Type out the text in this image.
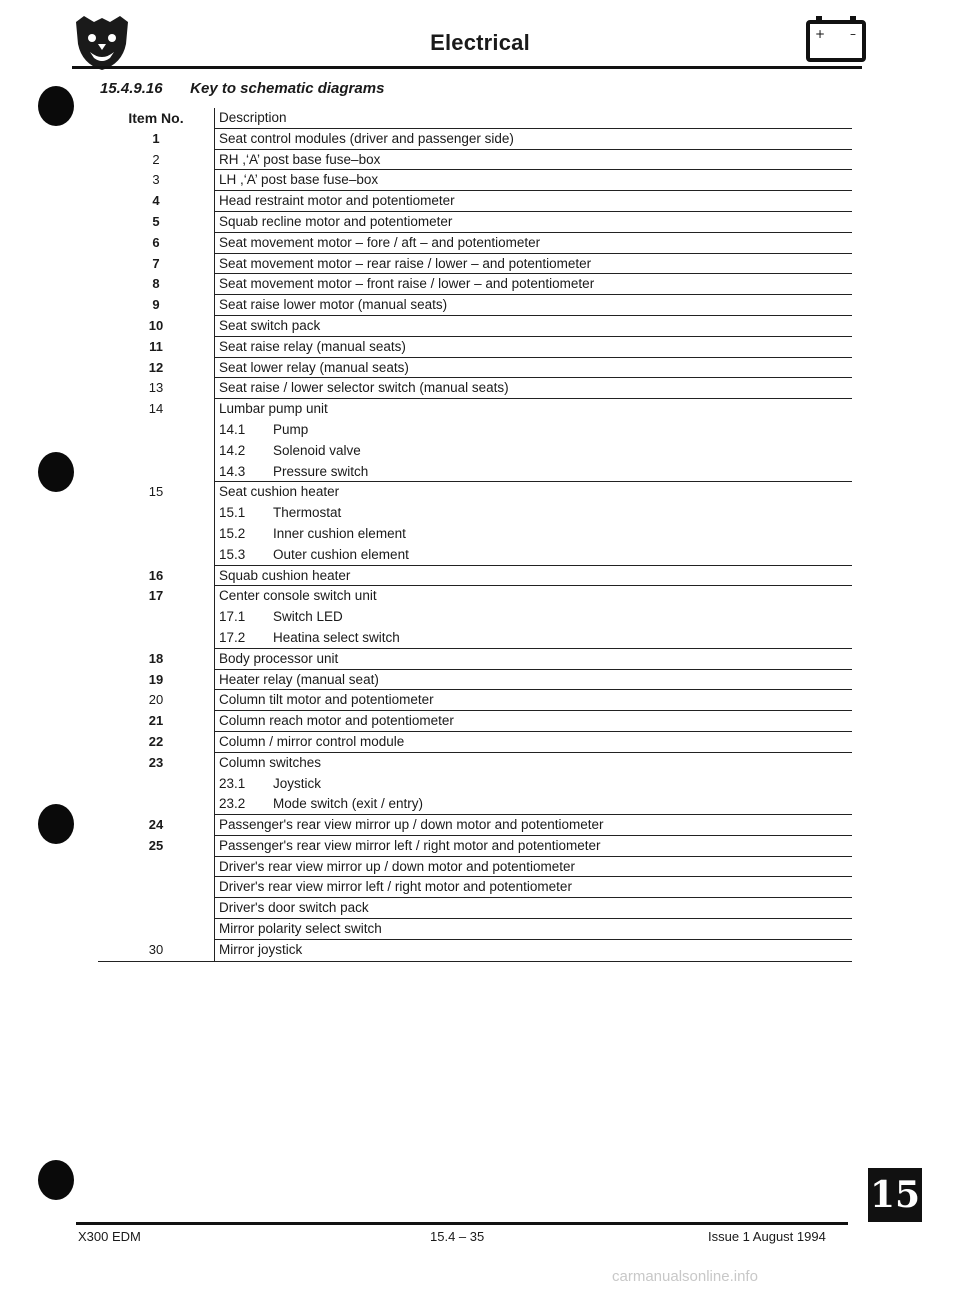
Electrical	+ –
15.4.9.16 Key to schematic diagrams
Item No.	Description
1	Seat control modules (driver and passenger side)
2	RH ,‘A’ post base fuse–box
3	LH ,‘A’ post base fuse–box
4	Head restraint motor and potentiometer
5	Squab recline motor and potentiometer
6	Seat movement motor – fore / aft – and potentiometer
7	Seat movement motor – rear raise / lower – and potentiometer
8	Seat movement motor – front raise / lower – and potentiometer
9	Seat raise lower motor (manual seats)
10	Seat switch pack
11	Seat raise relay (manual seats)
12	Seat lower relay (manual seats)
13	Seat raise / lower selector switch (manual seats)
14	Lumbar pump unit
14.1	Pump
14.2	Solenoid valve
14.3	Pressure switch
15	Seat cushion heater
15.1	Thermostat
15.2	Inner cushion element
15.3	Outer cushion element
16	Squab cushion heater
17	Center console switch unit
17.1	Switch LED
17.2	Heatina select switch
18	Body processor unit
19	Heater relay (manual seat)
20	Column tilt motor and potentiometer
21	Column reach motor and potentiometer
22	Column / mirror control module
23	Column switches
23.1	Joystick
23.2	Mode switch (exit / entry)
24	Passenger's rear view mirror up / down motor and potentiometer
25	Passenger's rear view mirror left / right motor and potentiometer
Driver's rear view mirror up / down motor and potentiometer
Driver's rear view mirror left / right motor and potentiometer
Driver's door switch pack
Mirror polarity select switch
30	Mirror joystick
X300 EDM	15.4 – 35	Issue 1 August 1994
15
carmanualsonline.info
